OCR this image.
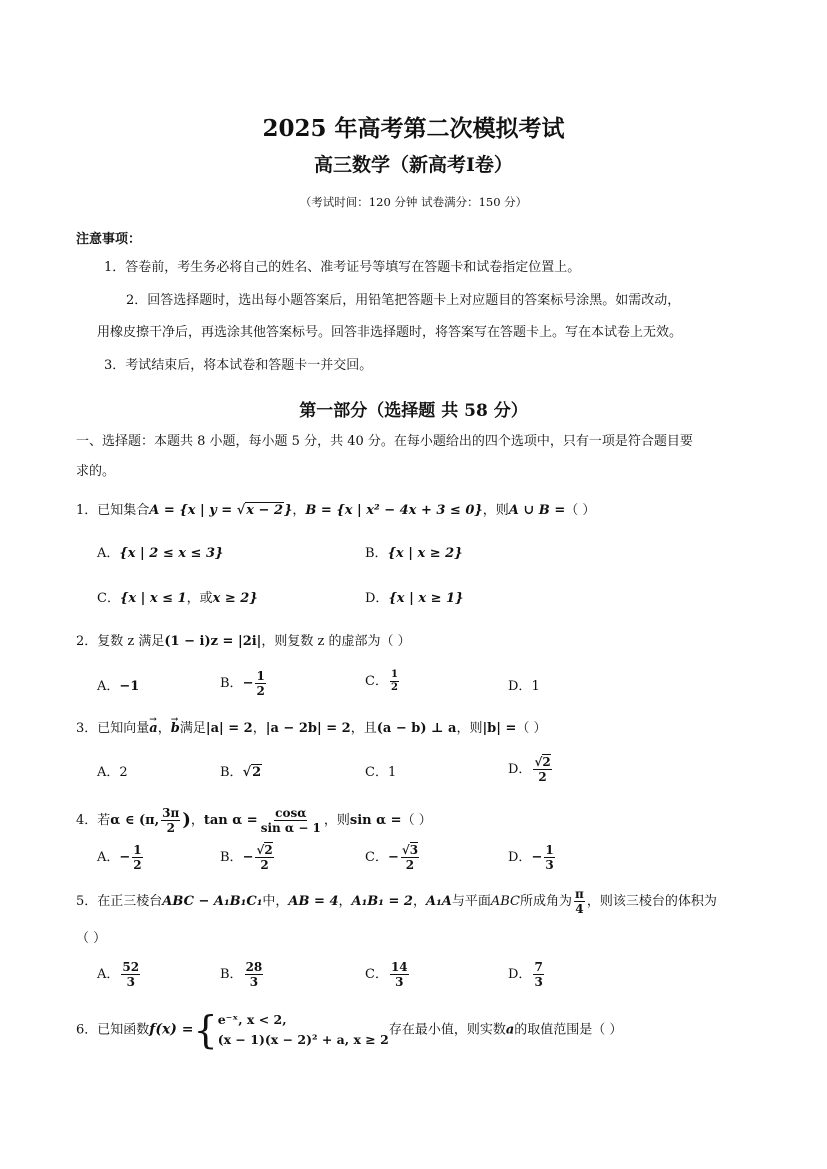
2025 年高考第二次模拟考试
高三数学（新高考I卷）
（考试时间：120 分钟 试卷满分：150 分）
注意事项：
1．答卷前，考生务必将自己的姓名、准考证号等填写在答题卡和试卷指定位置上。
2．回答选择题时，选出每小题答案后，用铅笔把答题卡上对应题目的答案标号涂黑。如需改动，
用橡皮擦干净后，再选涂其他答案标号。回答非选择题时，将答案写在答题卡上。写在本试卷上无效。
3．考试结束后，将本试卷和答题卡一并交回。
第一部分（选择题 共 58 分）
一、选择题：本题共 8 小题，每小题 5 分，共 40 分。在每小题给出的四个选项中，只有一项是符合题目要
求的。
1．已知集合A = {x | y = √x − 2}，B = {x | x² − 4x + 3 ≤ 0}，则A ∪ B =（ ）
A．{x | 2 ≤ x ≤ 3}	B．{x | x ≥ 2}
C．{x | x ≤ 1，或x ≥ 2}	D．{x | x ≥ 1}
2．复数 z 满足(1 − i)z = |2i|，则复数 z 的虚部为（ ）
A．−1	B．− $\frac{1}{2}$	C． $\frac{1}{2}$	D．1
3．已知向量→ a，→ b满足|a| = 2，|a − 2b| = 2，且(a − b) ⊥ a，则|b| =（ ）
A．2	B．√2	C．1	D． $\frac{√2}{2}$
4．若α ∈ (π, $\frac{3\pi}{2}$ )，$\tan \alpha = \frac{\cos\alpha}{\text{sin α − 1}}$ ，则sin α =（ ）
A．− $\frac{1}{2}$	B．− $\frac{√2}{2}$	C．− $\frac{√3}{2}$	D．− $\frac{1}{3}$
5．在正三棱台ABC − A₁B₁C₁中，AB = 4，A₁B₁ = 2，A₁A与平面ABC所成角为 $\frac{\pi}{4}$ ，则该三棱台的体积为
（ ）
A． $\frac{52}{3}$	B． $\frac{28}{3}$	C． $\frac{14}{3}$	D． $\frac{7}{3}$
6．已知函数f(x) ={ e⁻ˣ, x < 2,
(x − 1)(x − 2)² + a, x ≥ 2
存在最小值，则实数a的取值范围是（ ）
